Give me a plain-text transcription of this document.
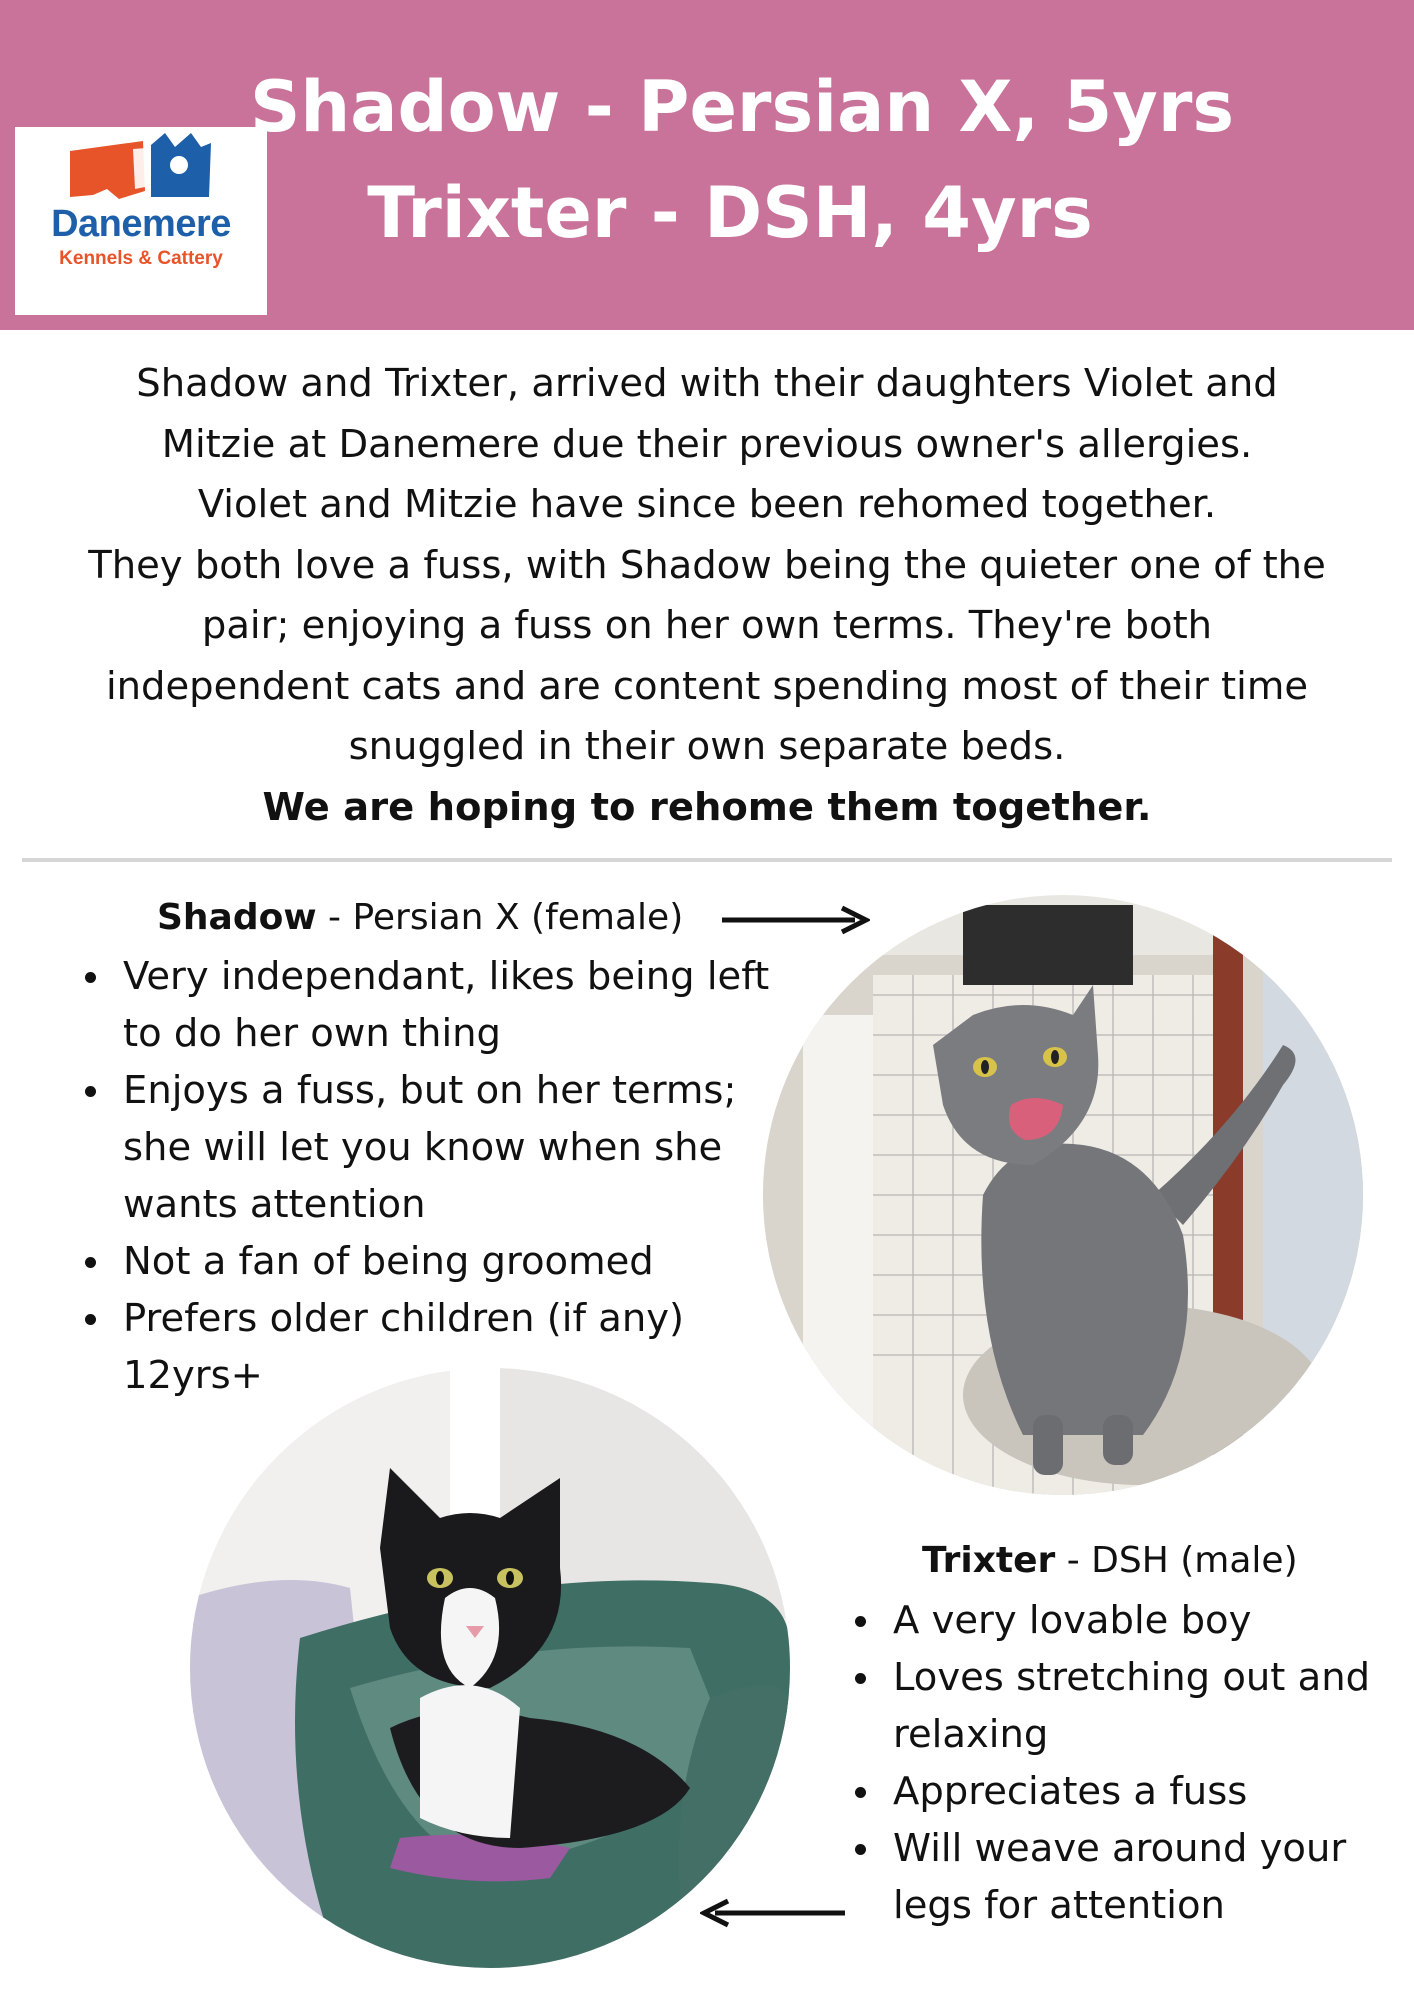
Danemere
Kennels & Cattery
Shadow - Persian X, 5yrs
Trixter - DSH, 4yrs

Shadow and Trixter, arrived with their daughters Violet and

Mitzie at Danemere due their previous owner's allergies.

Violet and Mitzie have since been rehomed together.

They both love a fuss, with Shadow being the quieter one of the

pair; enjoying a fuss on her own terms. They're both

independent cats and are content spending most of their time

snuggled in their own separate beds.

We are hoping to rehome them together.

Shadow - Persian X (female)
Very independant, likes being left to do her own thing
Enjoys a fuss, but on her terms; she will let you know when she wants attention
Not a fan of being groomed
Prefers older children (if any) 12yrs+
Trixter - DSH (male)
A very lovable boy
Loves stretching out and relaxing
Appreciates a fuss
Will weave around your legs for attention
